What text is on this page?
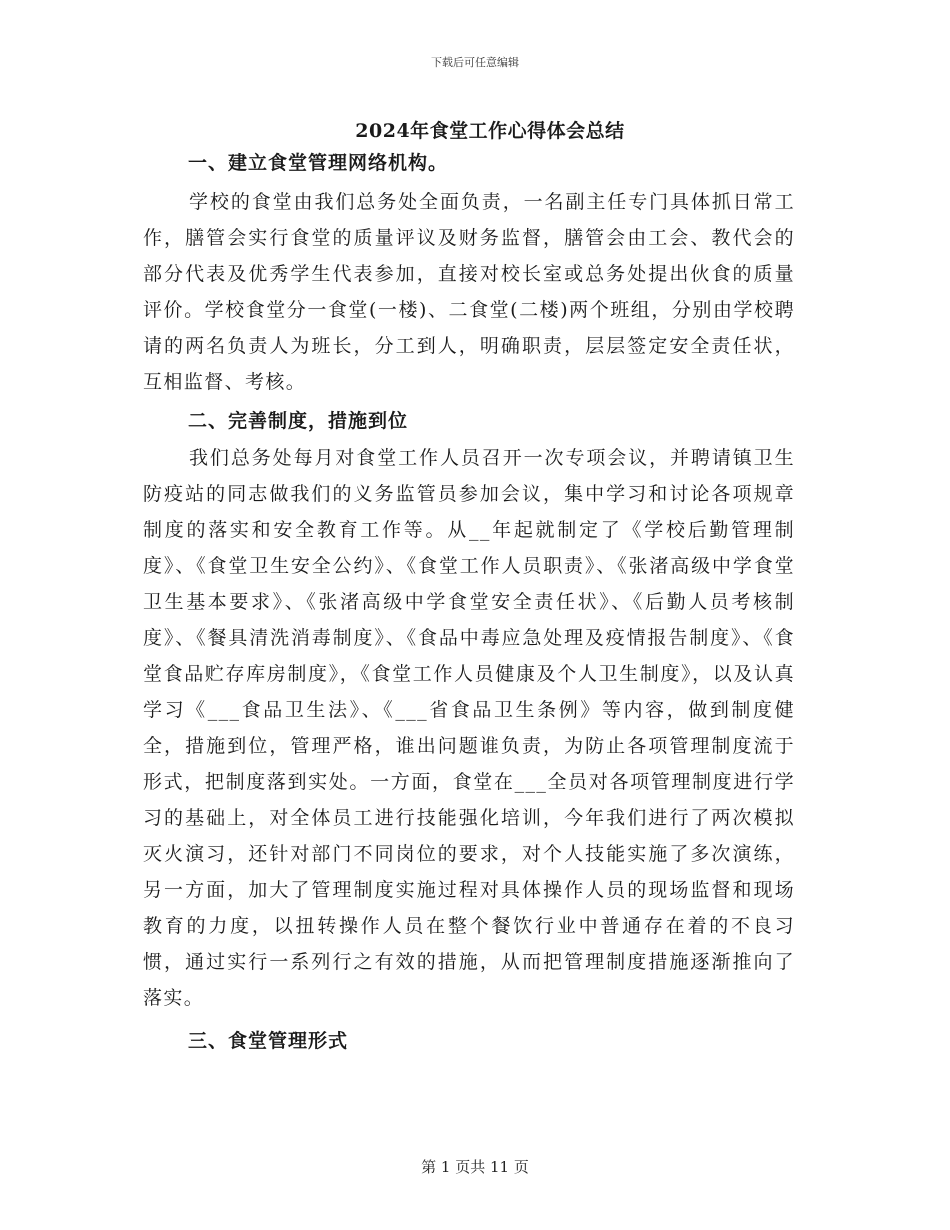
下载后可任意编辑
2024年食堂工作心得体会总结
一、建立食堂管理网络机构。

学校的食堂由我们总务处全面负责，一名副主任专门具体抓日常工作，膳管会实行食堂的质量评议及财务监督，膳管会由工会、教代会的部分代表及优秀学生代表参加，直接对校长室或总务处提出伙食的质量评价。学校食堂分一食堂(一楼)、二食堂(二楼)两个班组，分别由学校聘请的两名负责人为班长，分工到人，明确职责，层层签定安全责任状，互相监督、考核。

二、完善制度，措施到位

我们总务处每月对食堂工作人员召开一次专项会议，并聘请镇卫生防疫站的同志做我们的义务监管员参加会议，集中学习和讨论各项规章制度的落实和安全教育工作等。从__年起就制定了《学校后勤管理制度》、《食堂卫生安全公约》、《食堂工作人员职责》、《张渚高级中学食堂卫生基本要求》、《张渚高级中学食堂安全责任状》、《后勤人员考核制度》、《餐具清洗消毒制度》、《食品中毒应急处理及疫情报告制度》、《食堂食品贮存库房制度》，《食堂工作人员健康及个人卫生制度》，以及认真学习《___食品卫生法》、《___省食品卫生条例》等内容，做到制度健全，措施到位，管理严格，谁出问题谁负责，为防止各项管理制度流于形式，把制度落到实处。一方面，食堂在___全员对各项管理制度进行学习的基础上，对全体员工进行技能强化培训，今年我们进行了两次模拟灭火演习，还针对部门不同岗位的要求，对个人技能实施了多次演练，另一方面，加大了管理制度实施过程对具体操作人员的现场监督和现场教育的力度，以扭转操作人员在整个餐饮行业中普通存在着的不良习惯，通过实行一系列行之有效的措施，从而把管理制度措施逐渐推向了落实。

三、食堂管理形式
第 1 页共 11 页
